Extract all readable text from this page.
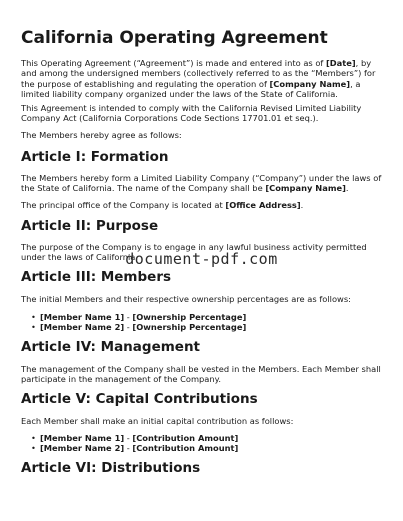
California Operating Agreement

This Operating Agreement (“Agreement”) is made and entered into as of [Date], by and among the undersigned members (collectively referred to as the “Members”) for the purpose of establishing and regulating the operation of [Company Name], a limited liability company organized under the laws of the State of California.

This Agreement is intended to comply with the California Revised Limited Liability Company Act (California Corporations Code Sections 17701.01 et seq.).

The Members hereby agree as follows:

Article I: Formation

The Members hereby form a Limited Liability Company (“Company”) under the laws of the State of California. The name of the Company shall be [Company Name].

The principal office of the Company is located at [Office Address].

Article II: Purpose

The purpose of the Company is to engage in any lawful business activity permitted under the laws of California.

Article III: Members

The initial Members and their respective ownership percentages are as follows:

• [Member Name 1] - [Ownership Percentage]
• [Member Name 2] - [Ownership Percentage]
Article IV: Management

The management of the Company shall be vested in the Members. Each Member shall participate in the management of the Company.

Article V: Capital Contributions

Each Member shall make an initial capital contribution as follows:

• [Member Name 1] - [Contribution Amount]
• [Member Name 2] - [Contribution Amount]
Article VI: Distributions
document-pdf.com
